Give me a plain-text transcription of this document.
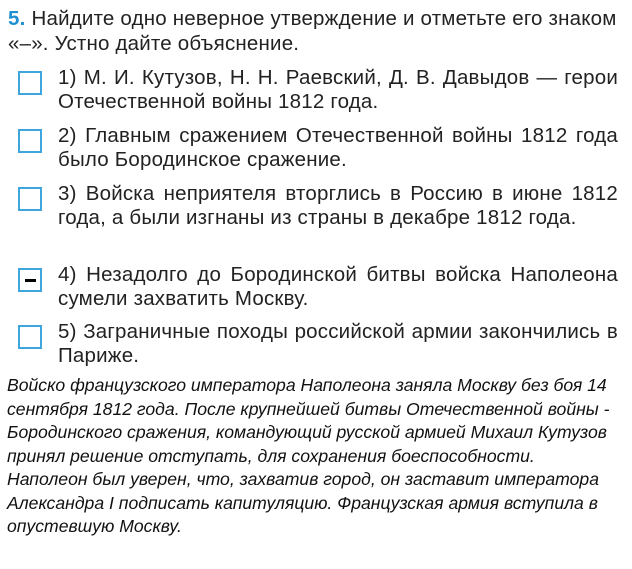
5. Найдите одно неверное утверждение и отметьте его знаком «–». Устно дайте объяснение.
1) М. И. Кутузов, Н. Н. Раевский, Д. В. Давыдов — герои Отечественной войны 1812 года.
2) Главным сражением Отечественной войны 1812 года было Бородинское сражение.
3) Войска неприятеля вторглись в Россию в июне 1812 года, а были изгнаны из страны в декабре 1812 года.
4) Незадолго до Бородинской битвы войска Наполеона сумели захватить Москву.
5) Заграничные походы российской армии закончились в Париже.
Войско французского императора Наполеона заняла Москву без боя 14 сентября 1812 года. После крупнейшей битвы Отечественной войны - Бородинского сражения, командующий русской армией Михаил Кутузов принял решение отступать, для сохранения боеспособности. Наполеон был уверен, что, захватив город, он заставит императора Александра I подписать капитуляцию. Французская армия вступила в опустевшую Москву.
